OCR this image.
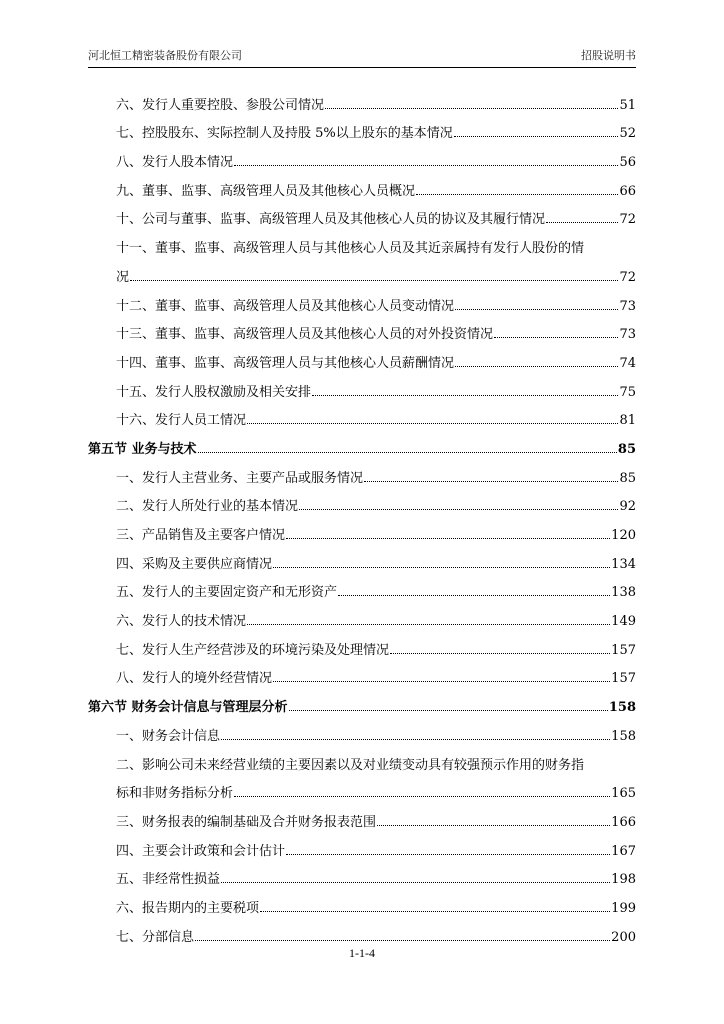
河北恒工精密装备股份有限公司	招股说明书
六、发行人重要控股、参股公司情况	51
七、控股股东、实际控制人及持股 5%以上股东的基本情况	52
八、发行人股本情况	56
九、董事、监事、高级管理人员及其他核心人员概况	66
十、公司与董事、监事、高级管理人员及其他核心人员的协议及其履行情况	72
十一、董事、监事、高级管理人员与其他核心人员及其近亲属持有发行人股份的情
况	72
十二、董事、监事、高级管理人员及其他核心人员变动情况	73
十三、董事、监事、高级管理人员及其他核心人员的对外投资情况	73
十四、董事、监事、高级管理人员与其他核心人员薪酬情况	74
十五、发行人股权激励及相关安排	75
十六、发行人员工情况	81
第五节 业务与技术	85
一、发行人主营业务、主要产品或服务情况	85
二、发行人所处行业的基本情况	92
三、产品销售及主要客户情况	120
四、采购及主要供应商情况	134
五、发行人的主要固定资产和无形资产	138
六、发行人的技术情况	149
七、发行人生产经营涉及的环境污染及处理情况	157
八、发行人的境外经营情况	157
第六节 财务会计信息与管理层分析	158
一、财务会计信息	158
二、影响公司未来经营业绩的主要因素以及对业绩变动具有较强预示作用的财务指
标和非财务指标分析	165
三、财务报表的编制基础及合并财务报表范围	166
四、主要会计政策和会计估计	167
五、非经常性损益	198
六、报告期内的主要税项	199
七、分部信息	200
1-1-4
